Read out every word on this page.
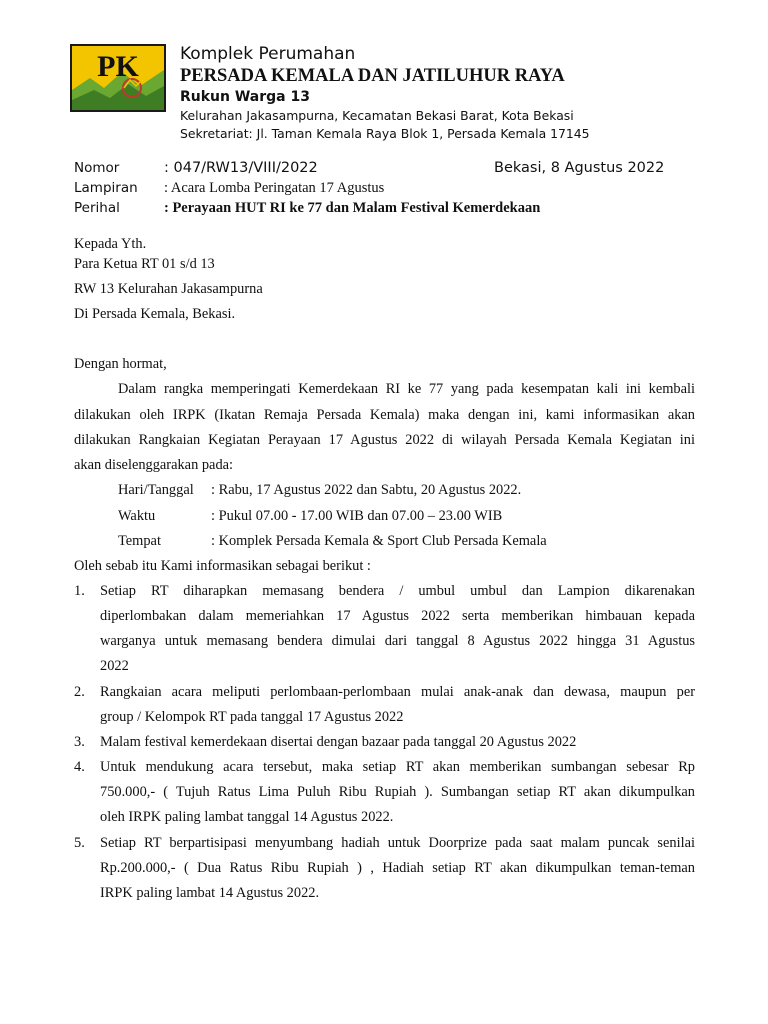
PK Komplek Perumahan
PERSADA KEMALA DAN JATILUHUR RAYA
Rukun Warga 13
Kelurahan Jakasampurna, Kecamatan Bekasi Barat, Kota Bekasi
Sekretariat: Jl. Taman Kemala Raya Blok 1, Persada Kemala 17145
Nomor	: 047/RW13/VIII/2022	Bekasi, 8 Agustus 2022
Lampiran : Acara Lomba Peringatan 17 Agustus
Perihal	: Perayaan HUT RI ke 77 dan Malam Festival Kemerdekaan
Kepada Yth.
Para Ketua RT 01 s/d 13
RW 13 Kelurahan Jakasampurna
Di Persada Kemala, Bekasi.
Dengan hormat,
Dalam rangka memperingati Kemerdekaan RI ke 77 yang pada kesempatan kali ini kembali
dilakukan oleh IRPK (Ikatan Remaja Persada Kemala) maka dengan ini, kami informasikan akan
dilakukan Rangkaian Kegiatan Perayaan 17 Agustus 2022 di wilayah Persada Kemala Kegiatan ini
akan diselenggarakan pada:
Hari/Tanggal : Rabu, 17 Agustus 2022 dan Sabtu, 20 Agustus 2022.
Waktu	: Pukul 07.00 - 17.00 WIB dan 07.00 – 23.00 WIB
Tempat	: Komplek Persada Kemala & Sport Club Persada Kemala
Oleh sebab itu Kami informasikan sebagai berikut :
1. Setiap RT diharapkan memasang bendera / umbul umbul dan Lampion dikarenakan
diperlombakan dalam memeriahkan 17 Agustus 2022 serta memberikan himbauan kepada
warganya untuk memasang bendera dimulai dari tanggal 8 Agustus 2022 hingga 31 Agustus
2022
2. Rangkaian acara meliputi perlombaan-perlombaan mulai anak-anak dan dewasa, maupun per
group / Kelompok RT pada tanggal 17 Agustus 2022
3. Malam festival kemerdekaan disertai dengan bazaar pada tanggal 20 Agustus 2022
4. Untuk mendukung acara tersebut, maka setiap RT akan memberikan sumbangan sebesar Rp
750.000,- ( Tujuh Ratus Lima Puluh Ribu Rupiah ). Sumbangan setiap RT akan dikumpulkan
oleh IRPK paling lambat tanggal 14 Agustus 2022.
5. Setiap RT berpartisipasi menyumbang hadiah untuk Doorprize pada saat malam puncak senilai
Rp.200.000,- ( Dua Ratus Ribu Rupiah ) , Hadiah setiap RT akan dikumpulkan teman-teman
IRPK paling lambat 14 Agustus 2022.
